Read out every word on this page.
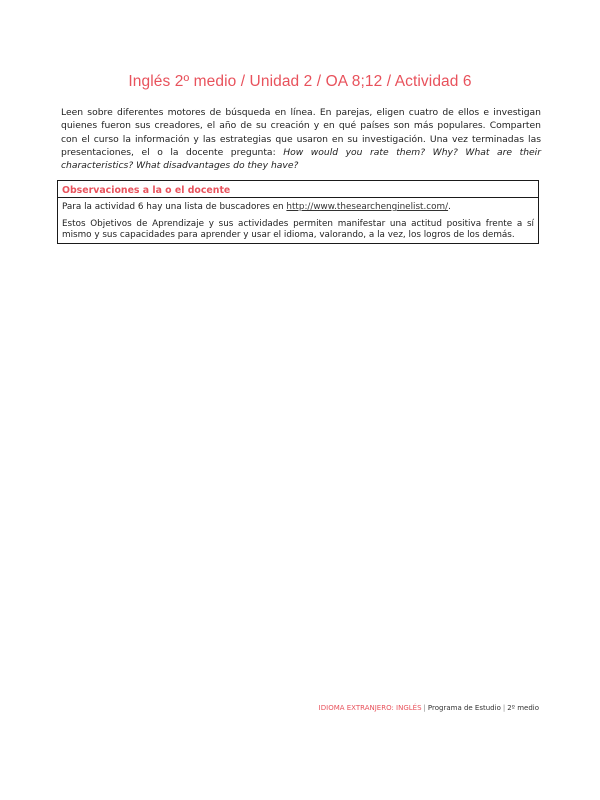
Inglés 2º medio / Unidad 2 / OA 8;12 / Actividad 6
Leen sobre diferentes motores de búsqueda en línea. En parejas, eligen cuatro de ellos e investigan quienes fueron sus creadores, el año de su creación y en qué países son más populares. Comparten con el curso la información y las estrategias que usaron en su investigación. Una vez terminadas las presentaciones, el o la docente pregunta: How would you rate them? Why? What are their characteristics? What disadvantages do they have?
Observaciones a la o el docente
Para la actividad 6 hay una lista de buscadores en http://www.thesearchenginelist.com/.
Estos Objetivos de Aprendizaje y sus actividades permiten manifestar una actitud positiva frente a sí mismo y sus capacidades para aprender y usar el idioma, valorando, a la vez, los logros de los demás.
IDIOMA EXTRANJERO: INGLÉS | Programa de Estudio | 2º medio
